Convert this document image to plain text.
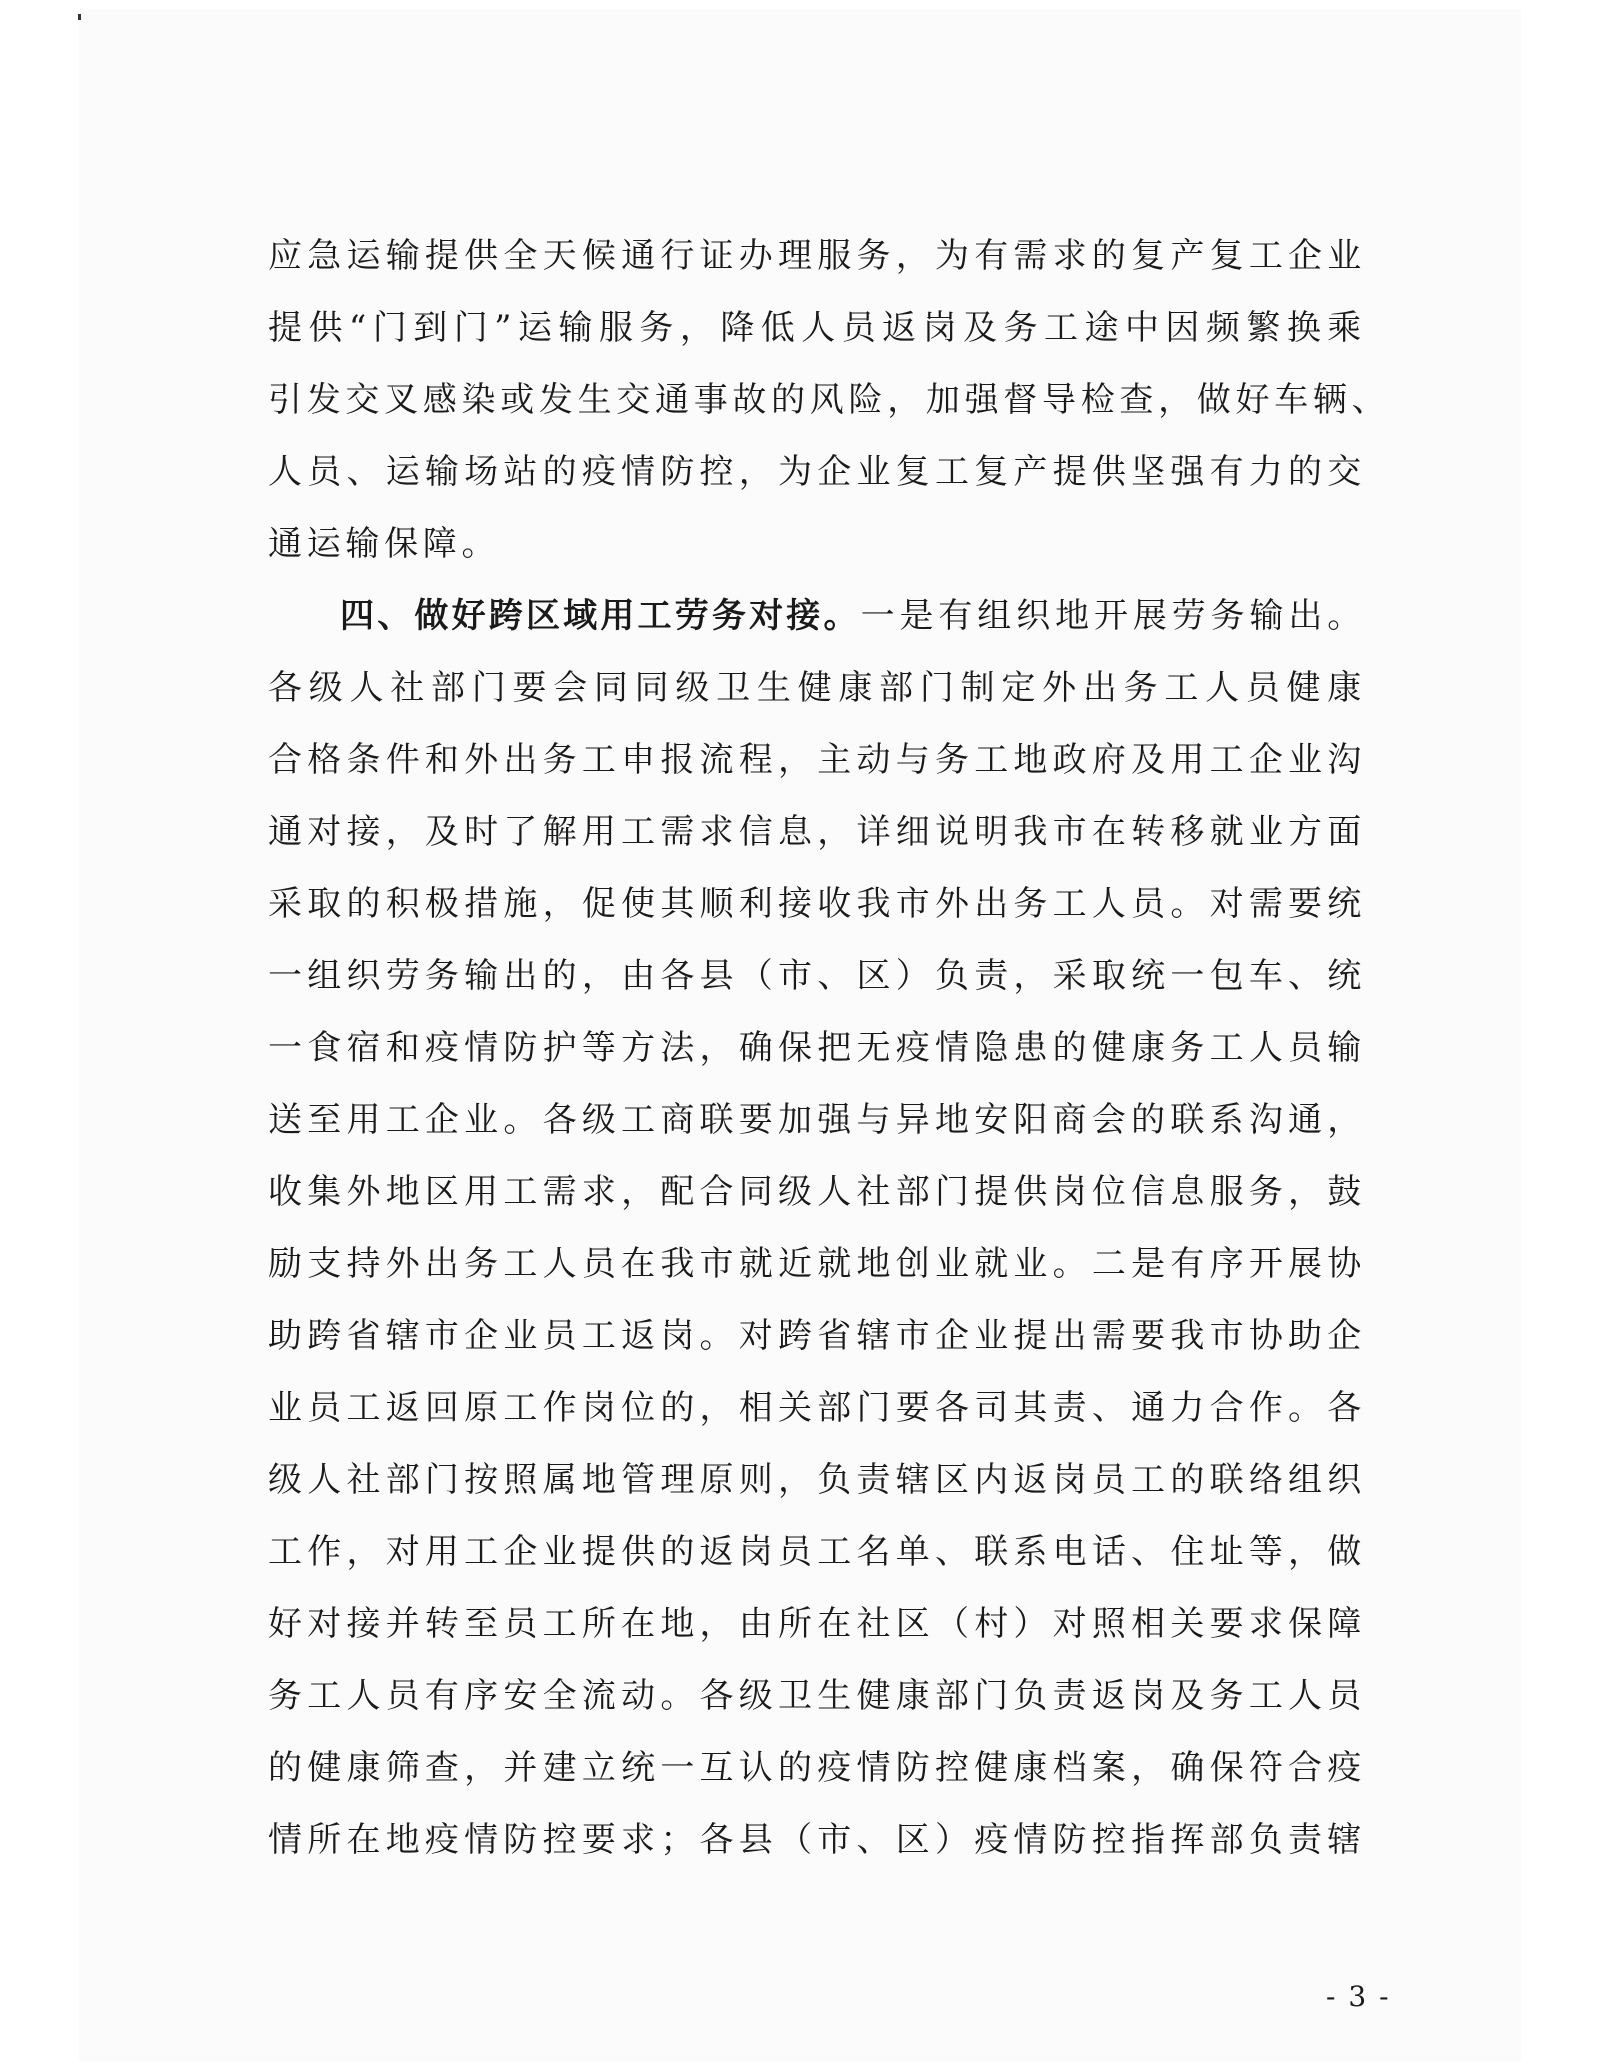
应急运输提供全天候通行证办理服务，为有需求的复产复工企业
提供“门到门”运输服务，降低人员返岗及务工途中因频繁换乘
引发交叉感染或发生交通事故的风险，加强督导检查，做好车辆、
人员、运输场站的疫情防控，为企业复工复产提供坚强有力的交
通运输保障。
四、做好跨区域用工劳务对接。一是有组织地开展劳务输出。
各级人社部门要会同同级卫生健康部门制定外出务工人员健康
合格条件和外出务工申报流程，主动与务工地政府及用工企业沟
通对接，及时了解用工需求信息，详细说明我市在转移就业方面
采取的积极措施，促使其顺利接收我市外出务工人员。对需要统
一组织劳务输出的，由各县（市、区）负责，采取统一包车、统
一食宿和疫情防护等方法，确保把无疫情隐患的健康务工人员输
送至用工企业。各级工商联要加强与异地安阳商会的联系沟通，
收集外地区用工需求，配合同级人社部门提供岗位信息服务，鼓
励支持外出务工人员在我市就近就地创业就业。二是有序开展协
助跨省辖市企业员工返岗。对跨省辖市企业提出需要我市协助企
业员工返回原工作岗位的，相关部门要各司其责、通力合作。各
级人社部门按照属地管理原则，负责辖区内返岗员工的联络组织
工作，对用工企业提供的返岗员工名单、联系电话、住址等，做
好对接并转至员工所在地，由所在社区（村）对照相关要求保障
务工人员有序安全流动。各级卫生健康部门负责返岗及务工人员
的健康筛查，并建立统一互认的疫情防控健康档案，确保符合疫
情所在地疫情防控要求；各县（市、区）疫情防控指挥部负责辖
- 3 -
